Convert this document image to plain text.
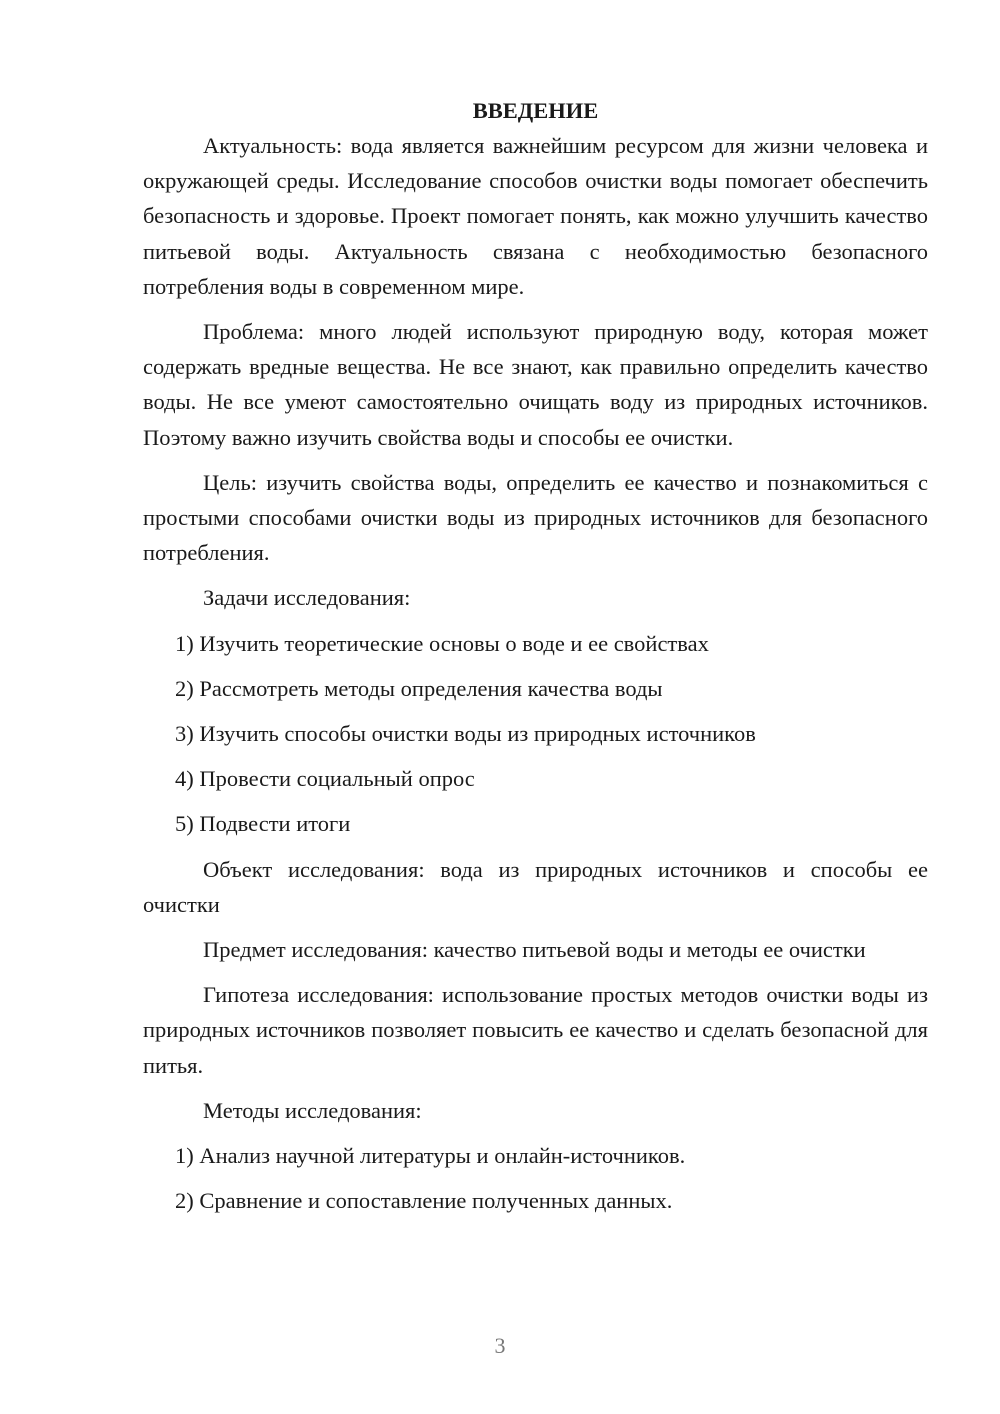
ВВЕДЕНИЕ

Актуальность: вода является важнейшим ресурсом для жизни человека и окружающей среды. Исследование способов очистки воды помогает обеспечить безопасность и здоровье. Проект помогает понять, как можно улучшить качество питьевой воды. Актуальность связана с необходимостью безопасного потребления воды в современном мире.

Проблема: много людей используют природную воду, которая может содержать вредные вещества. Не все знают, как правильно определить качество воды. Не все умеют самостоятельно очищать воду из природных источников. Поэтому важно изучить свойства воды и способы ее очистки.

Цель: изучить свойства воды, определить ее качество и познакомиться с простыми способами очистки воды из природных источников для безопасного потребления.

Задачи исследования:
1) Изучить теоретические основы о воде и ее свойствах
2) Рассмотреть методы определения качества воды
3) Изучить способы очистки воды из природных источников
4) Провести социальный опрос
5) Подвести итоги

Объект исследования: вода из природных источников и способы ее очистки

Предмет исследования: качество питьевой воды и методы ее очистки

Гипотеза исследования: использование простых методов очистки воды из природных источников позволяет повысить ее качество и сделать безопасной для питья.

Методы исследования:
1) Анализ научной литературы и онлайн-источников.
2) Сравнение и сопоставление полученных данных.
3
